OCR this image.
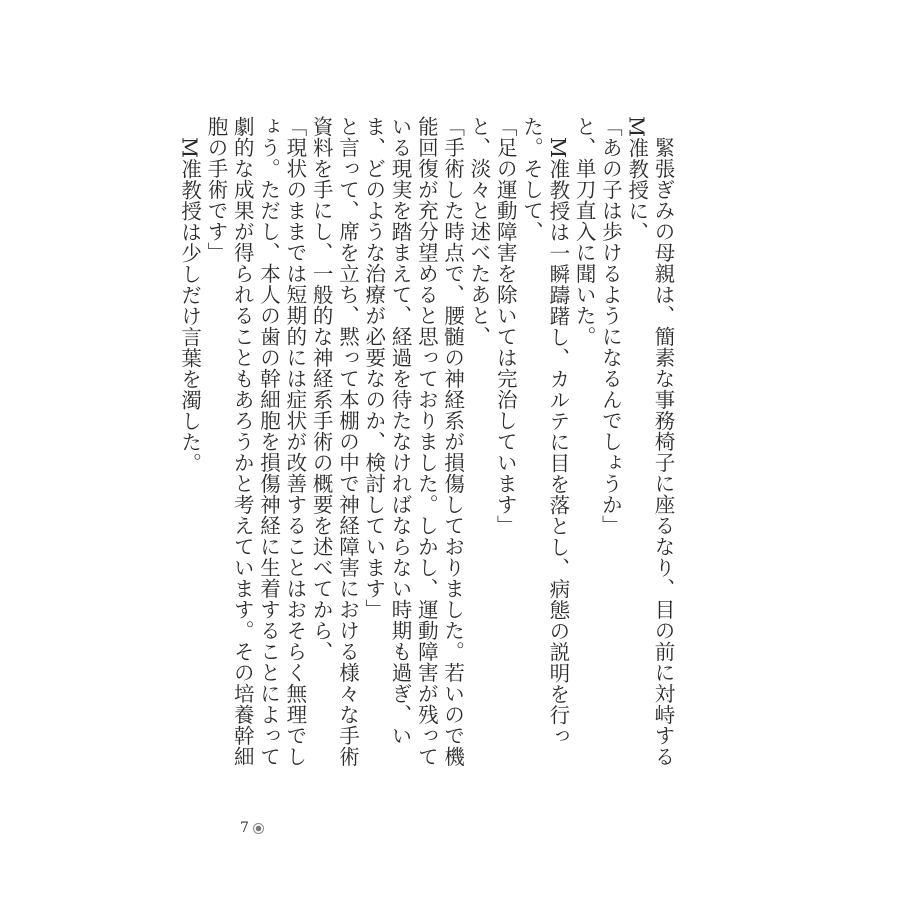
緊張ぎみの母親は、簡素な事務椅子に座るなり、目の前に対峙するM准教授に、

「あの子は歩けるようになるんでしょうか」

と、単刀直入に聞いた。

M准教授は一瞬躊躇し、カルテに目を落とし、病態の説明を行った。そして、

「足の運動障害を除いては完治しています」

と、淡々と述べたあと、

「手術した時点で、腰髄の神経系が損傷しておりました。若いので機能回復が充分望めると思っておりました。しかし、運動障害が残っている現実を踏まえて、経過を待たなければならない時期も過ぎ、いま、どのような治療が必要なのか、検討しています」

と言って、席を立ち、黙って本棚の中で神経障害における様々な手術資料を手にし、一般的な神経系手術の概要を述べてから、

「現状のままでは短期的には症状が改善することはおそらく無理でしょう。ただし、本人の歯の幹細胞を損傷神経に生着することによって劇的な成果が得られることもあろうかと考えています。その培養幹細胞の手術です」

M准教授は少しだけ言葉を濁した。

7
